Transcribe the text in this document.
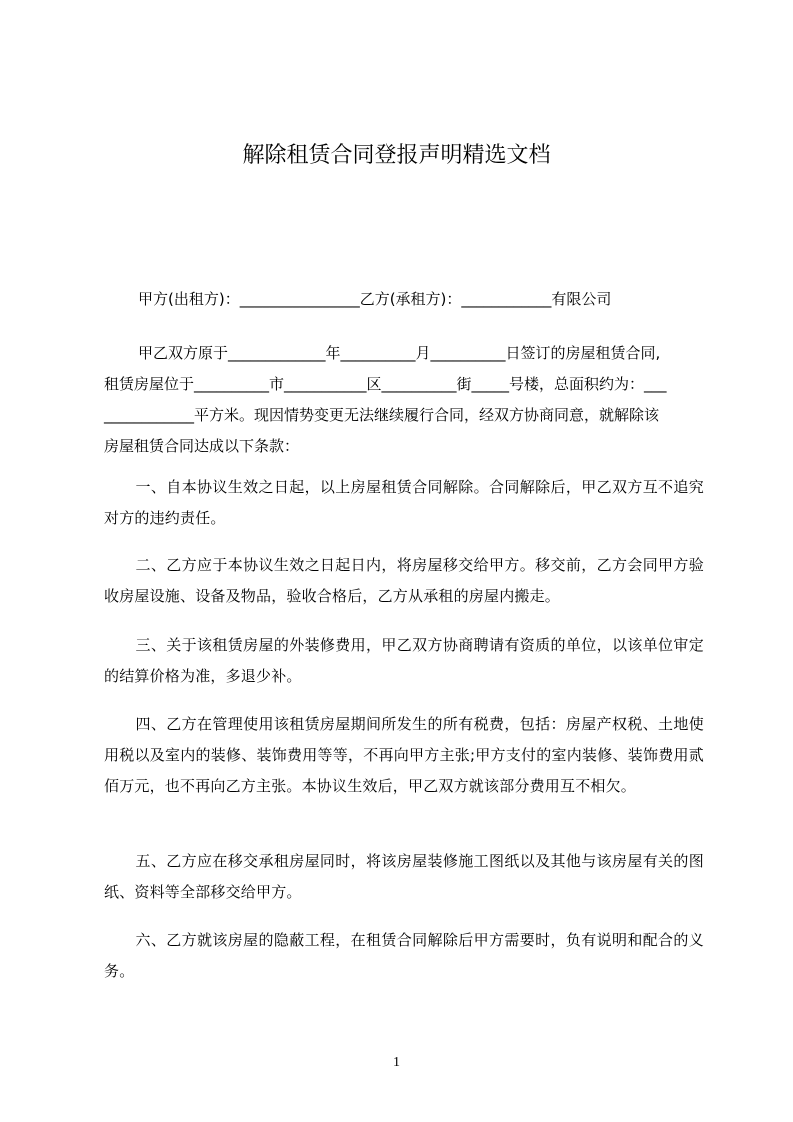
解除租赁合同登报声明精选文档
甲方(出租方)：________________乙方(承租方)：____________有限公司
甲乙双方原于_____________年__________月__________日签订的房屋租赁合同,
租赁房屋位于__________市___________区__________街_____号楼，总面积约为：___
____________平方米。现因情势变更无法继续履行合同，经双方协商同意，就解除该
房屋租赁合同达成以下条款：
一、自本协议生效之日起，以上房屋租赁合同解除。合同解除后，甲乙双方互不追究对方的违约责任。
二、乙方应于本协议生效之日起日内，将房屋移交给甲方。移交前，乙方会同甲方验收房屋设施、设备及物品，验收合格后，乙方从承租的房屋内搬走。
三、关于该租赁房屋的外装修费用，甲乙双方协商聘请有资质的单位，以该单位审定的结算价格为准，多退少补。
四、乙方在管理使用该租赁房屋期间所发生的所有税费，包括：房屋产权税、土地使用税以及室内的装修、装饰费用等等，不再向甲方主张;甲方支付的室内装修、装饰费用贰佰万元，也不再向乙方主张。本协议生效后，甲乙双方就该部分费用互不相欠。
五、乙方应在移交承租房屋同时，将该房屋装修施工图纸以及其他与该房屋有关的图纸、资料等全部移交给甲方。
六、乙方就该房屋的隐蔽工程，在租赁合同解除后甲方需要时，负有说明和配合的义务。
1
